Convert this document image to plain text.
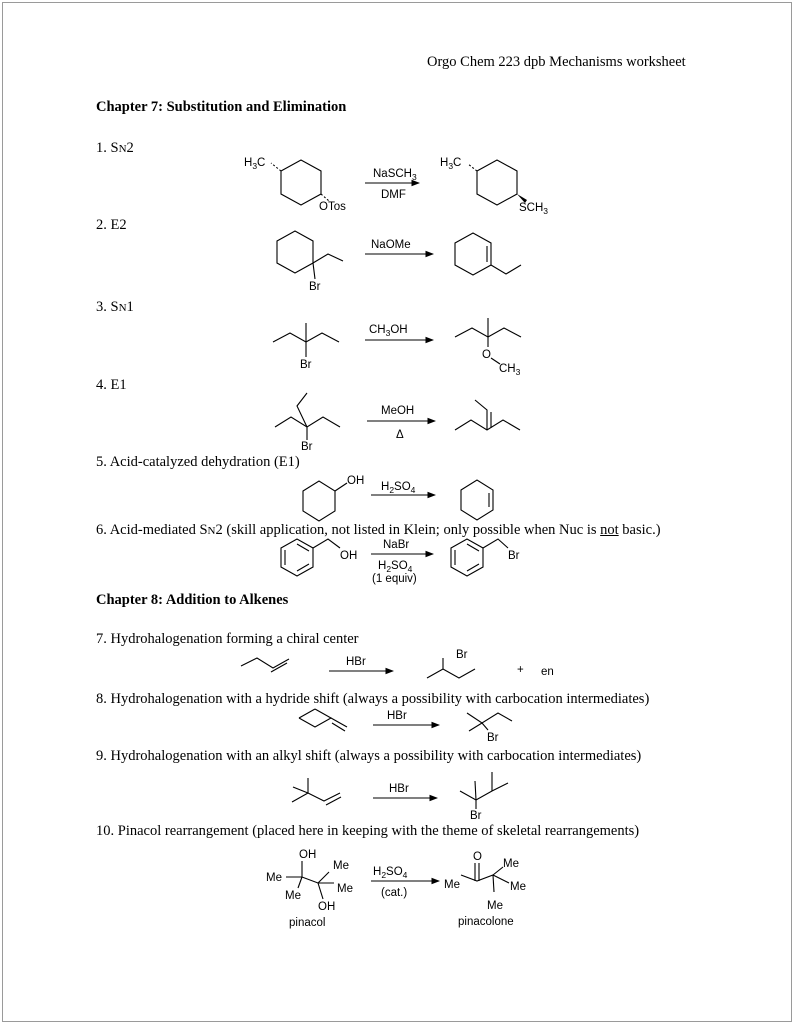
Orgo Chem 223 dpb Mechanisms worksheet
Chapter 7: Substitution and Elimination
1. SN2
2. E2
3. SN1
4. E1
5. Acid-catalyzed dehydration (E1)
6. Acid-mediated SN2 (skill application, not listed in Klein; only possible when Nuc is not basic.)
Chapter 8: Addition to Alkenes
7. Hydrohalogenation forming a chiral center
8. Hydrohalogenation with a hydride shift (always a possibility with carbocation intermediates)
9. Hydrohalogenation with an alkyl shift (always a possibility with carbocation intermediates)
10. Pinacol rearrangement (placed here in keeping with the theme of skeletal rearrangements)
$H_3C$
OTos
NaSCH$_3$
DMF
$H_3C$
$SCH_3$
Br
NaOMe
Br
$CH_3OH$
O
$CH_3$
Br
MeOH
Δ
OH $H_2SO_4$
OH
NaBr
$H_2SO_4$
(1 equiv)
Br
HBr
Br
+ en
HBr
Br
HBr
Br
OH
Me
Me
Me
Me
OH
pinacol
$H_2SO_4$
(cat.)
O
Me
Me
Me
Me
pinacolone
